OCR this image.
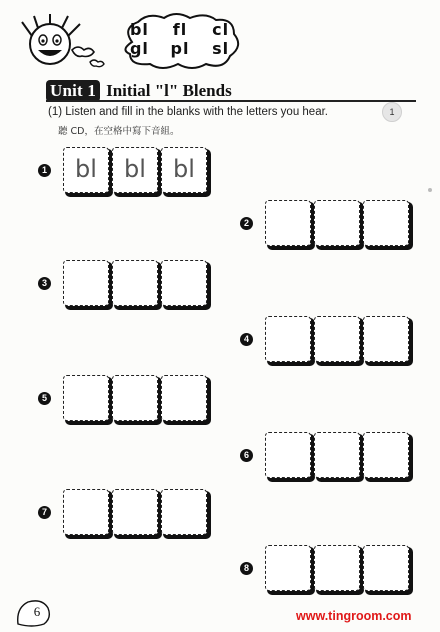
bl fl cl
gl pl sl
Unit 1 Initial "l" Blends
(1) Listen and fill in the blanks with the letters you hear.
聽 CD，在空格中寫下音組。
1
1	bl	bl	bl
2
3
4
5
6
7
8
6	www.tingroom.com
